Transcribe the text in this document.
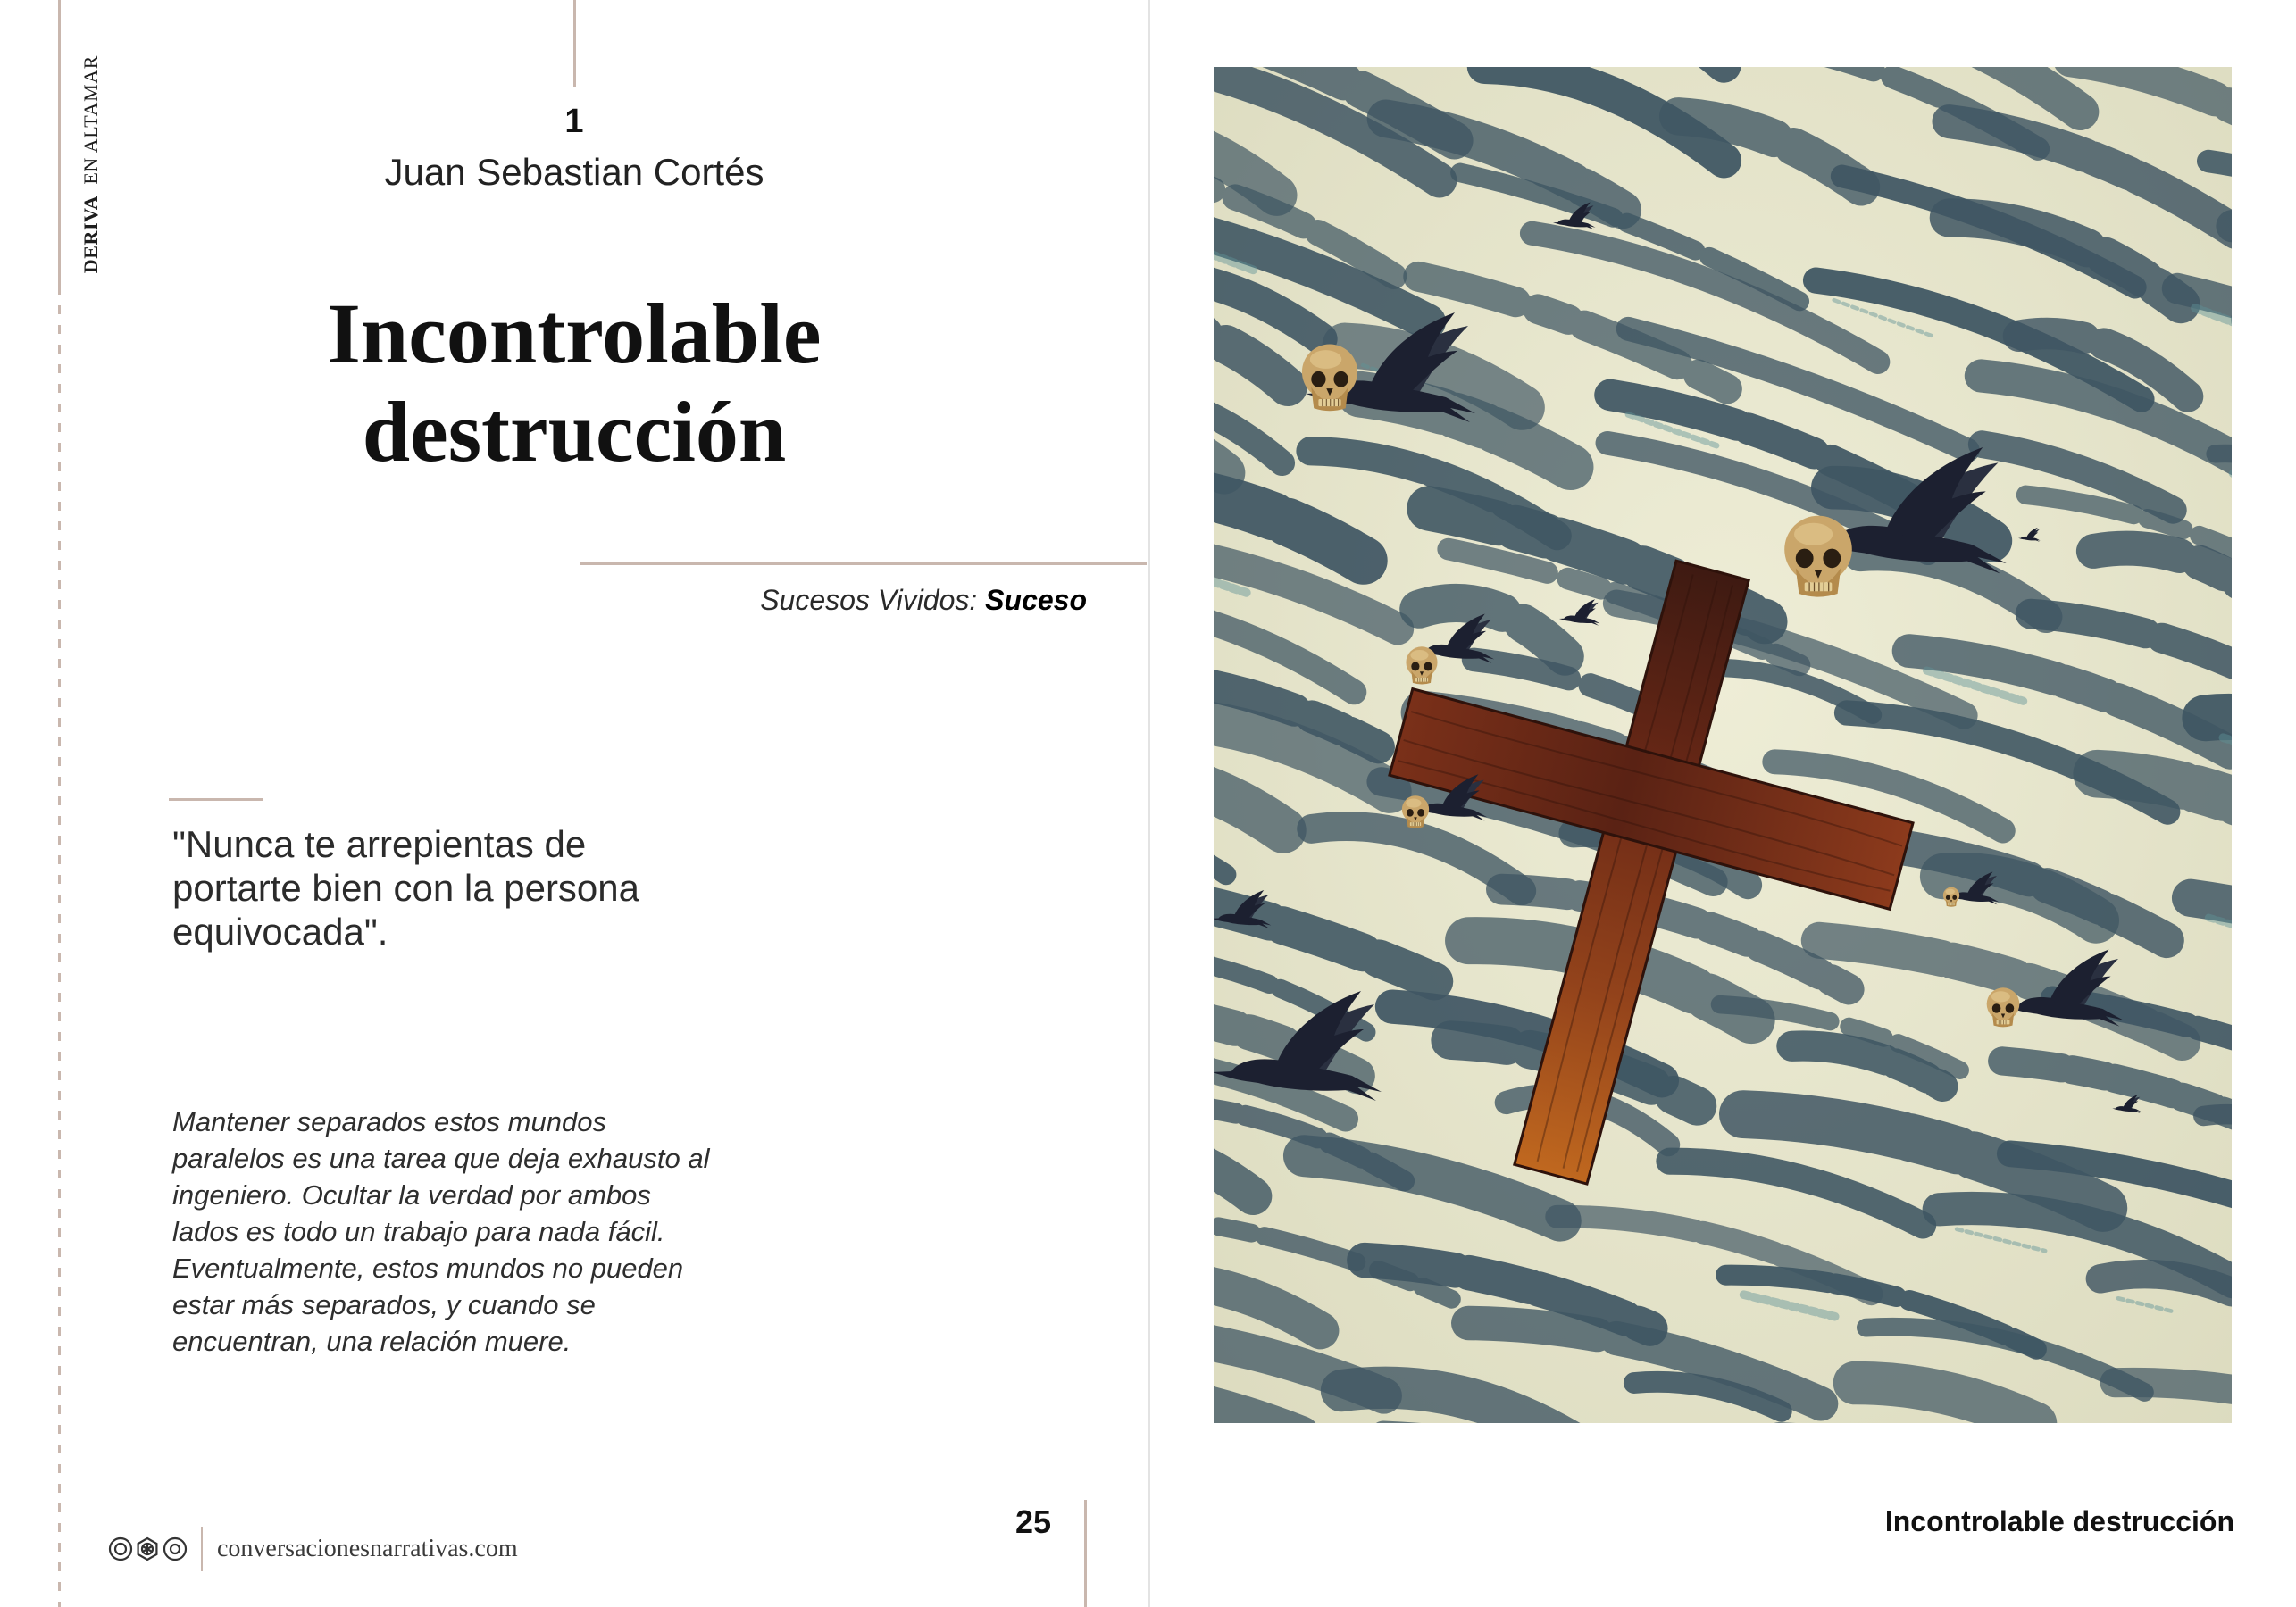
DERIVA EN ALTAMAR	1
Juan Sebastian Cortés
Incontrolable
destrucción
Sucesos Vividos: Suceso
"Nunca te arrepientas de
portarte bien con la persona
equivocada".
Mantener separados estos mundos
paralelos es una tarea que deja exhausto al
ingeniero. Ocultar la verdad por ambos
lados es todo un trabajo para nada fácil.
Eventualmente, estos mundos no pueden
estar más separados, y cuando se
encuentran, una relación muere.
conversacionesnarrativas.com
25	Incontrolable destrucción
